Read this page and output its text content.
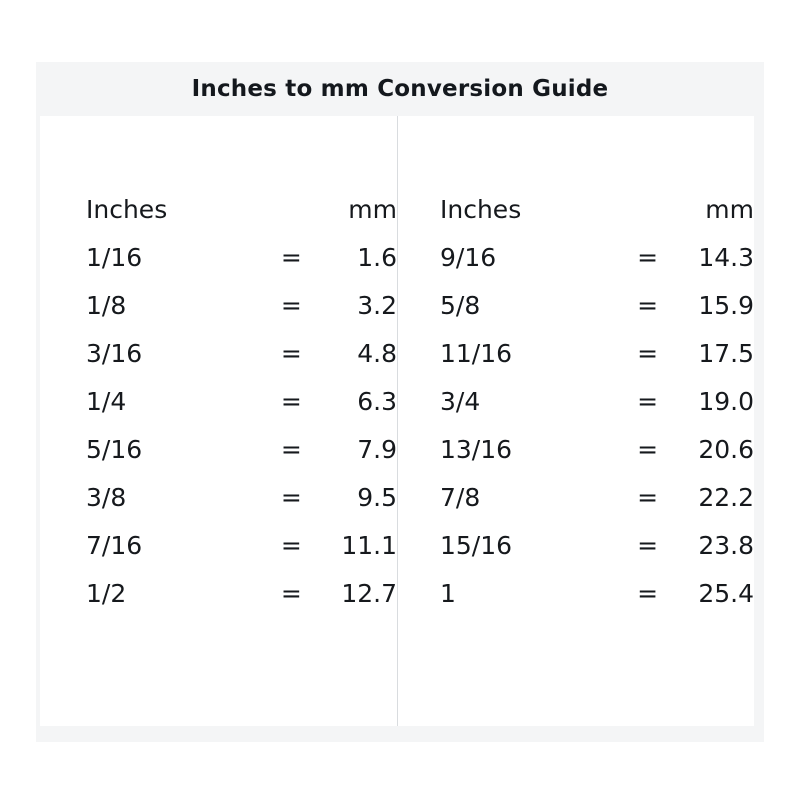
Inches to mm Conversion Guide
Inches		mm
1/16	=	1.6
1/8	=	3.2
3/16	=	4.8
1/4	=	6.3
5/16	=	7.9
3/8	=	9.5
7/16	=	11.1
1/2	=	12.7
Inches		mm
9/16	=	14.3
5/8	=	15.9
11/16	=	17.5
3/4	=	19.0
13/16	=	20.6
7/8	=	22.2
15/16	=	23.8
1	=	25.4
